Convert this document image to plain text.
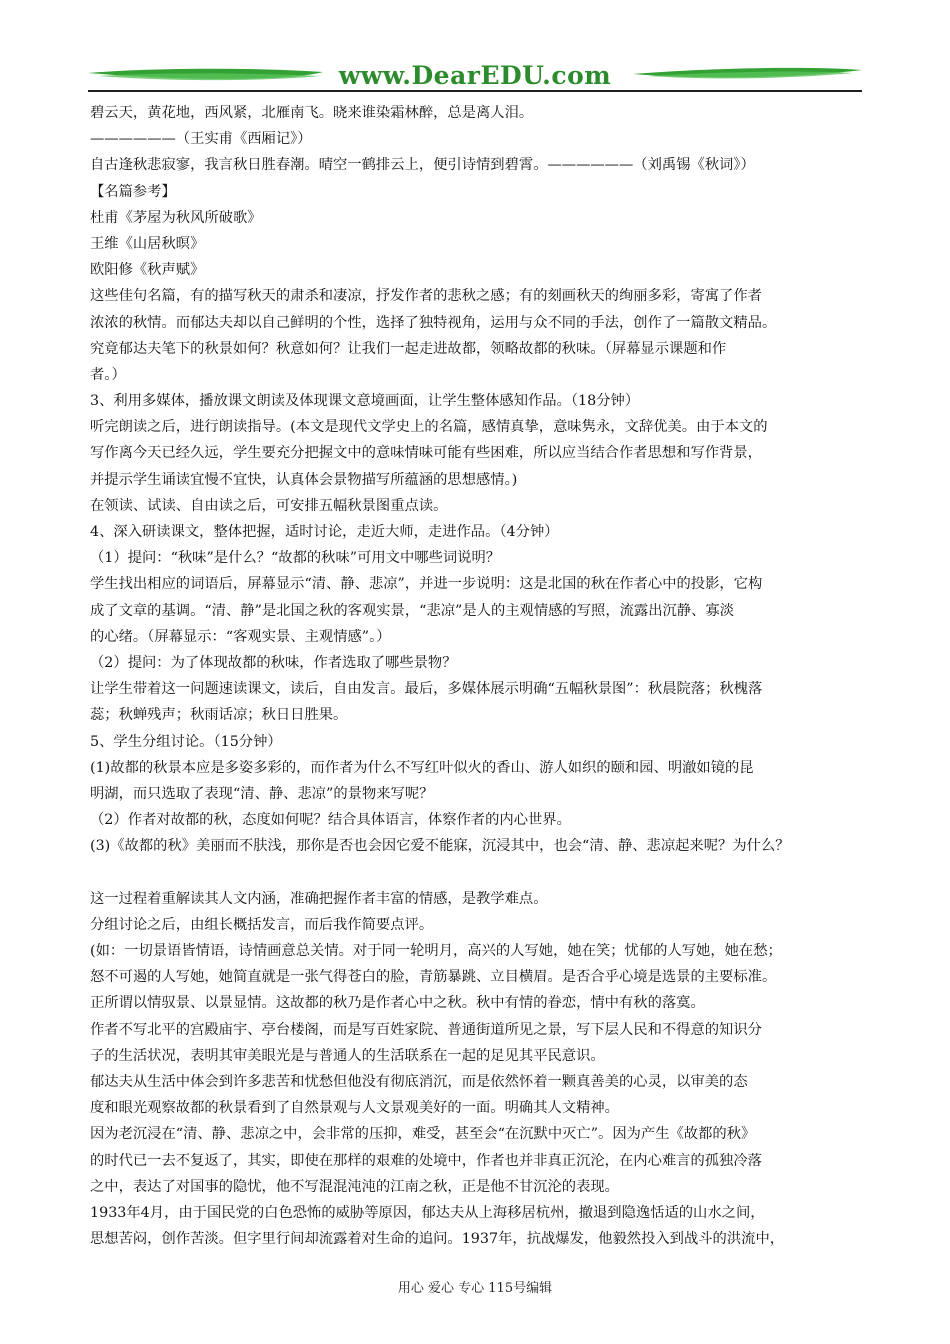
www.DearEDU.com
碧云天，黄花地，西风紧，北雁南飞。晓来谁染霜林醉，总是离人泪。
——————（王实甫《西厢记》）
自古逢秋悲寂寥，我言秋日胜春潮。晴空一鹤排云上，便引诗情到碧霄。——————（刘禹锡《秋词》）
【名篇参考】
杜甫《茅屋为秋风所破歌》
王维《山居秋暝》
欧阳修《秋声赋》
这些佳句名篇，有的描写秋天的肃杀和凄凉，抒发作者的悲秋之感；有的刻画秋天的绚丽多彩，寄寓了作者
浓浓的秋情。而郁达夫却以自己鲜明的个性，选择了独特视角，运用与众不同的手法，创作了一篇散文精品。
究竟郁达夫笔下的秋景如何？秋意如何？让我们一起走进故都，领略故都的秋味。（屏幕显示课题和作
者。）
3、利用多媒体，播放课文朗读及体现课文意境画面，让学生整体感知作品。（18分钟）
听完朗读之后，进行朗读指导。(本文是现代文学史上的名篇，感情真挚，意味隽永，文辞优美。由于本文的
写作离今天已经久远，学生要充分把握文中的意味情味可能有些困难，所以应当结合作者思想和写作背景，
并提示学生诵读宜慢不宜快，认真体会景物描写所蕴涵的思想感情。)
在领读、试读、自由读之后，可安排五幅秋景图重点读。
4、深入研读课文，整体把握，适时讨论，走近大师，走进作品。（4分钟）
（1）提问：“秋味”是什么？“故都的秋味”可用文中哪些词说明？
学生找出相应的词语后，屏幕显示“清、静、悲凉”，并进一步说明：这是北国的秋在作者心中的投影，它构
成了文章的基调。“清、静”是北国之秋的客观实景，“悲凉”是人的主观情感的写照，流露出沉静、寡淡
的心绪。（屏幕显示：“客观实景、主观情感”。）
（2）提问：为了体现故都的秋味，作者选取了哪些景物？
让学生带着这一问题速读课文，读后，自由发言。最后，多媒体展示明确“五幅秋景图”：秋晨院落；秋槐落
蕊；秋蝉残声；秋雨话凉；秋日日胜果。
5、学生分组讨论。（15分钟）
(1)故都的秋景本应是多姿多彩的，而作者为什么不写红叶似火的香山、游人如织的颐和园、明澈如镜的昆
明湖，而只选取了表现“清、静、悲凉”的景物来写呢？
（2）作者对故都的秋，态度如何呢？结合具体语言，体察作者的内心世界。
(3)《故都的秋》美丽而不肤浅，那你是否也会因它爱不能寐，沉浸其中，也会“清、静、悲凉起来呢？为什么？
这一过程着重解读其人文内涵，准确把握作者丰富的情感，是教学难点。
分组讨论之后，由组长概括发言，而后我作简要点评。
(如：一切景语皆情语，诗情画意总关情。对于同一轮明月，高兴的人写她，她在笑；忧郁的人写她，她在愁；
怒不可遏的人写她，她简直就是一张气得苍白的脸，青筋暴跳、立目横眉。是否合乎心境是选景的主要标准。
正所谓以情驭景、以景显情。这故都的秋乃是作者心中之秋。秋中有情的眷恋，情中有秋的落寞。
作者不写北平的宫殿庙宇、亭台楼阁，而是写百姓家院、普通街道所见之景，写下层人民和不得意的知识分
子的生活状况，表明其审美眼光是与普通人的生活联系在一起的足见其平民意识。
郁达夫从生活中体会到许多悲苦和忧愁但他没有彻底消沉，而是依然怀着一颗真善美的心灵，以审美的态
度和眼光观察故都的秋景看到了自然景观与人文景观美好的一面。明确其人文精神。
因为老沉浸在“清、静、悲凉之中，会非常的压抑，难受，甚至会“在沉默中灭亡”。因为产生《故都的秋》
的时代已一去不复返了，其实，即使在那样的艰难的处境中，作者也并非真正沉沦，在内心难言的孤独冷落
之中，表达了对国事的隐忧，他不写混混沌沌的江南之秋，正是他不甘沉沦的表现。
1933年4月，由于国民党的白色恐怖的威胁等原因，郁达夫从上海移居杭州，撤退到隐逸恬适的山水之间，
思想苦闷，创作苦淡。但字里行间却流露着对生命的追问。1937年，抗战爆发，他毅然投入到战斗的洪流中，
用心 爱心 专心 115号编辑
